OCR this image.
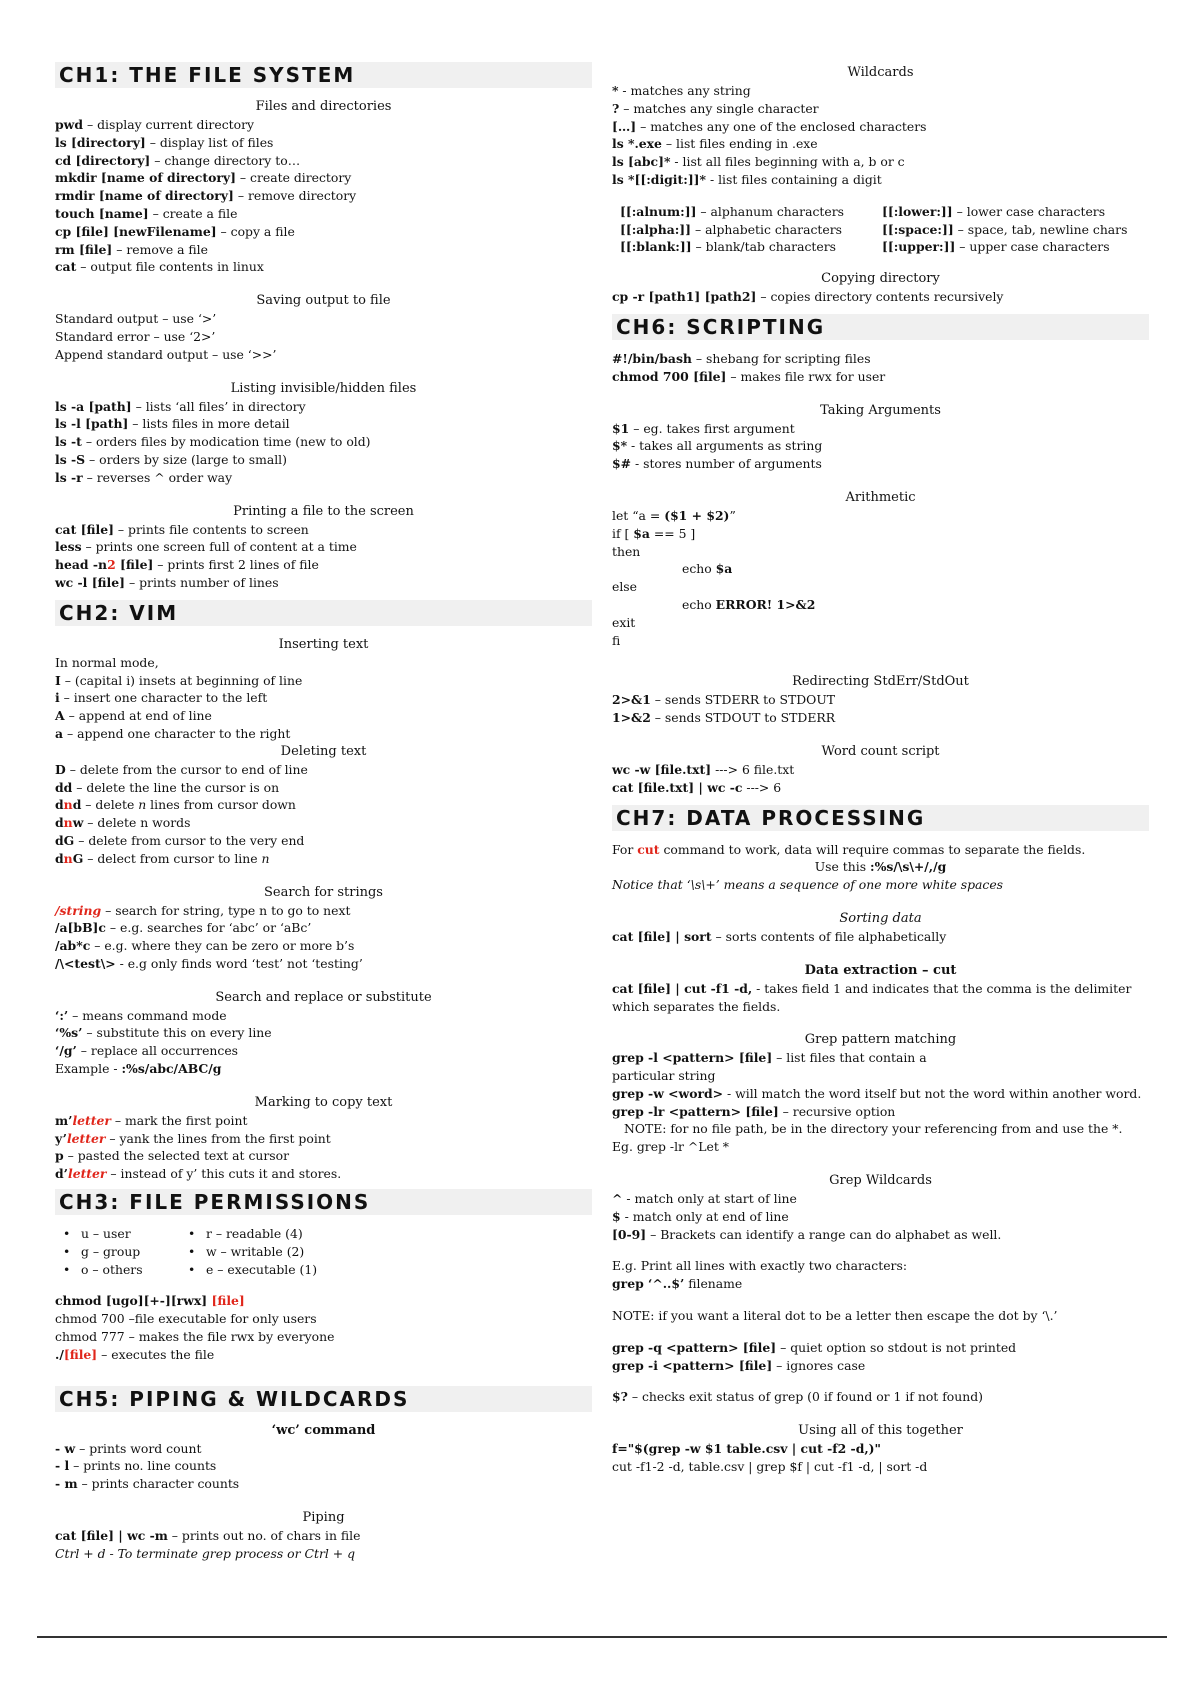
CH1: THE FILE SYSTEM
Files and directories
pwd – display current directory
ls [directory] – display list of files
cd [directory] – change directory to…
mkdir [name of directory] – create directory
rmdir [name of directory] – remove directory
touch [name] – create a file
cp [file] [newFilename] – copy a file
rm [file] – remove a file
cat – output file contents in linux
Saving output to file
Standard output – use ‘>’
Standard error – use ‘2>’
Append standard output – use ‘>>’
Listing invisible/hidden files
ls -a [path] – lists ‘all files’ in directory
ls -l [path] – lists files in more detail
ls -t – orders files by modication time (new to old)
ls -S – orders by size (large to small)
ls -r – reverses ^ order way
Printing a file to the screen
cat [file] – prints file contents to screen
less – prints one screen full of content at a time
head -n2 [file] – prints first 2 lines of file
wc -l [file] – prints number of lines
CH2: VIM
Inserting text
In normal mode,
I – (capital i) insets at beginning of line
i – insert one character to the left
A – append at end of line
a – append one character to the right
Deleting text
D – delete from the cursor to end of line
dd – delete the line the cursor is on
dnd – delete n lines from cursor down
dnw – delete n words
dG – delete from cursor to the very end
dnG – delect from cursor to line n
Search for strings
/string – search for string, type n to go to next
/a[bB]c – e.g. searches for ‘abc’ or ‘aBc’
/ab*c – e.g. where they can be zero or more b’s
/\<test\> - e.g only finds word ‘test’ not ‘testing’
Search and replace or substitute
‘:’ – means command mode
‘%s’ – substitute this on every line
‘/g’ – replace all occurrences
Example - :%s/abc/ABC/g
Marking to copy text
m’letter – mark the first point
y’letter – yank the lines from the first point
p – pasted the selected text at cursor
d’letter – instead of y’ this cuts it and stores.
CH3: FILE PERMISSIONS
• u – user	• r – readable (4)
• g – group	• w – writable (2)
• o – others	• e – executable (1)
chmod [ugo][+-][rwx] [file]
chmod 700 –file executable for only users
chmod 777 – makes the file rwx by everyone
./[file] – executes the file
CH5: PIPING & WILDCARDS
‘wc’ command
- w – prints word count
- l – prints no. line counts
- m – prints character counts
Piping
cat [file] | wc -m – prints out no. of chars in file
Ctrl + d - To terminate grep process or Ctrl + q
Wildcards
* - matches any string
? – matches any single character
[…] – matches any one of the enclosed characters
ls *.exe – list files ending in .exe
ls [abc]* - list all files beginning with a, b or c
ls *[[:digit:]]* - list files containing a digit
[[:alnum:]] – alphanum characters	[[:lower:]] – lower case characters
[[:alpha:]] – alphabetic characters	[[:space:]] – space, tab, newline chars
[[:blank:]] – blank/tab characters	[[:upper:]] – upper case characters
Copying directory
cp -r [path1] [path2] – copies directory contents recursively
CH6: SCRIPTING
#!/bin/bash – shebang for scripting files
chmod 700 [file] – makes file rwx for user
Taking Arguments
$1 – eg. takes first argument
$* - takes all arguments as string
$# - stores number of arguments
Arithmetic
let “a = ($1 + $2)”
if [ $a == 5 ]
then
echo $a
else
echo ERROR! 1>&2
exit
fi
Redirecting StdErr/StdOut
2>&1 – sends STDERR to STDOUT
1>&2 – sends STDOUT to STDERR
Word count script
wc -w [file.txt] ---> 6 file.txt
cat [file.txt] | wc -c ---> 6
CH7: DATA PROCESSING
For cut command to work, data will require commas to separate the fields.
Use this :%s/\s\+/,/g
Notice that ‘\s\+’ means a sequence of one more white spaces
Sorting data
cat [file] | sort – sorts contents of file alphabetically
Data extraction – cut
cat [file] | cut -f1 -d, - takes field 1 and indicates that the comma is the delimiter which separates the fields.
Grep pattern matching
grep -l <pattern> [file] – list files that contain a particular string
grep -w <word> - will match the word itself but not the word within another word.
grep -lr <pattern> [file] – recursive option
NOTE: for no file path, be in the directory your referencing from and use the *.
Eg. grep -lr ^Let *
Grep Wildcards
^ - match only at start of line
$ - match only at end of line
[0-9] – Brackets can identify a range can do alphabet as well.
E.g. Print all lines with exactly two characters:
grep ‘^..$’ filename
NOTE: if you want a literal dot to be a letter then escape the dot by ‘\.’
grep -q <pattern> [file] – quiet option so stdout is not printed
grep -i <pattern> [file] – ignores case
$? – checks exit status of grep (0 if found or 1 if not found)
Using all of this together
f="$(grep -w $1 table.csv | cut -f2 -d,)"
cut -f1-2 -d, table.csv | grep $f | cut -f1 -d, | sort -d
